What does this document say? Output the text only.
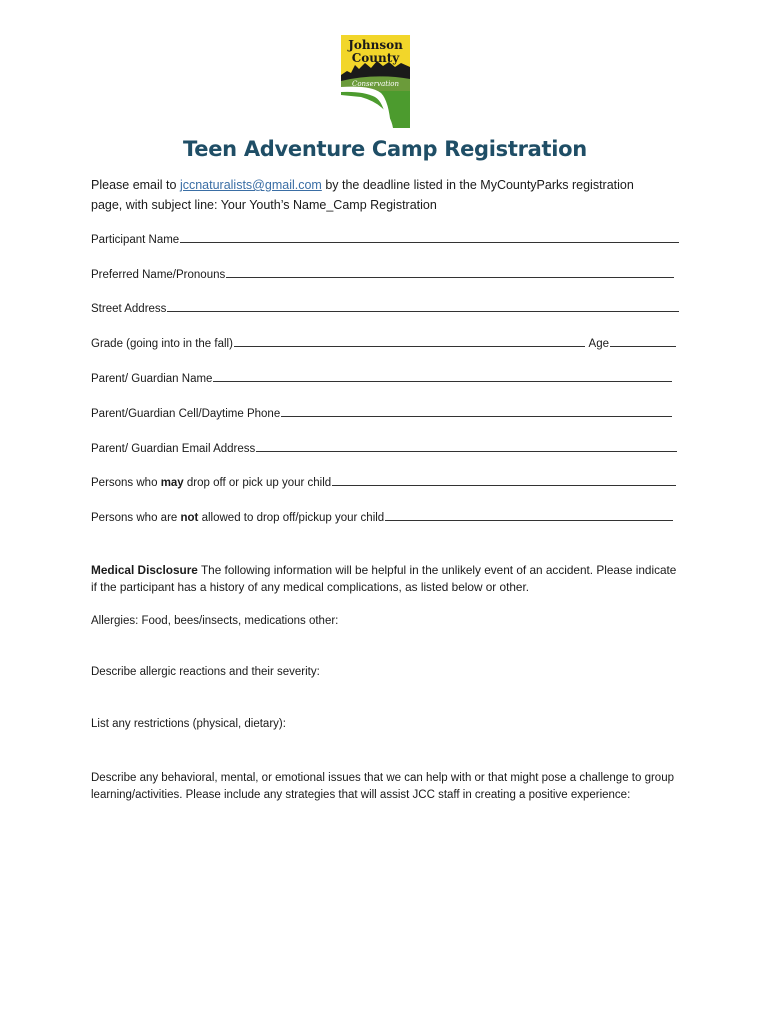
Johnson
County
Conservation
Teen Adventure Camp Registration
Please email to jccnaturalists@gmail.com by the deadline listed in the MyCountyParks registration page, with subject line: Your Youth’s Name_Camp Registration
Participant Name
Preferred Name/Pronouns
Street Address
Grade (going into in the fall)	Age
Parent/ Guardian Name
Parent/Guardian Cell/Daytime Phone
Parent/ Guardian Email Address
Persons who may drop off or pick up your child
Persons who are not allowed to drop off/pickup your child
Medical Disclosure The following information will be helpful in the unlikely event of an accident. Please indicate if the participant has a history of any medical complications, as listed below or other.
Allergies: Food, bees/insects, medications other:
Describe allergic reactions and their severity:
List any restrictions (physical, dietary):
Describe any behavioral, mental, or emotional issues that we can help with or that might pose a challenge to group learning/activities. Please include any strategies that will assist JCC staff in creating a positive experience:
